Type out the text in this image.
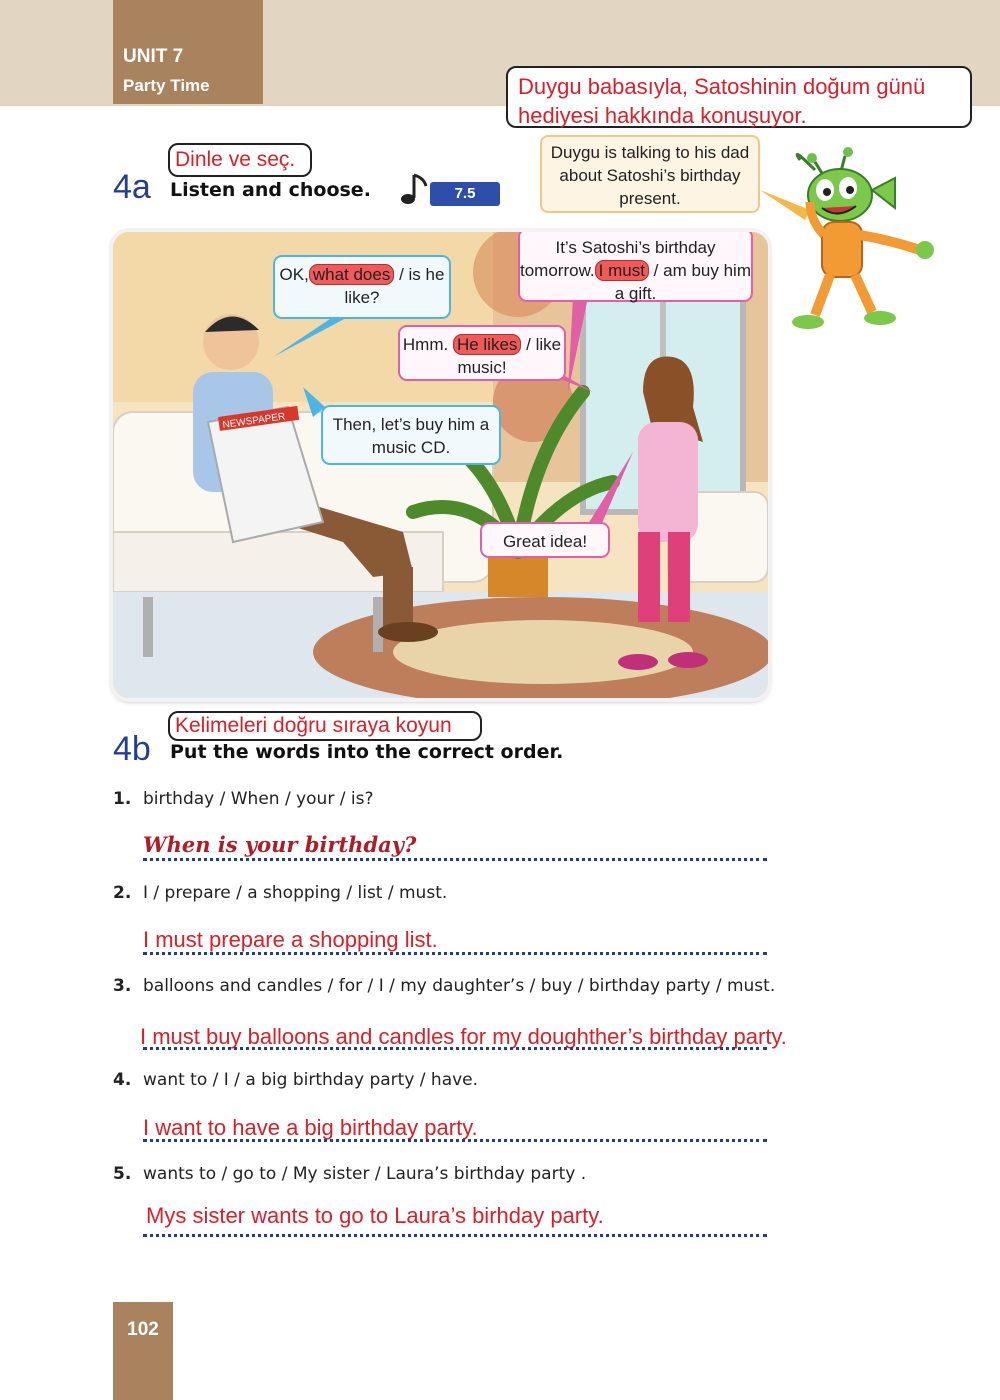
UNIT 7
Party Time	Duygu babasıyla, Satoshinin doğum günü hediyesi hakkında konuşuyor.
Duygu is talking to his dad about Satoshi’s birthday present.
Dinle ve seç.
4a Listen and choose.	7.5
NEWSPAPER
OK, what does / is he like?
It’s Satoshi’s birthday tomorrow. I must / am buy him a gift.
Hmm. He likes / like music!
Then, let’s buy him a music CD.
Great idea!
Kelimeleri doğru sıraya koyun
4b Put the words into the correct order.
1. birthday / When / your / is?
When is your birthday?
2. I / prepare / a shopping / list / must.
I must prepare a shopping list.
3. balloons and candles / for / I / my daughter’s / buy / birthday party / must.
I must buy balloons and candles for my doughther’s birthday party.
4. want to / I / a big birthday party / have.
I want to have a big birthday party.
5. wants to / go to / My sister / Laura’s birthday party .
Mys sister wants to go to Laura’s birhday party.
102
